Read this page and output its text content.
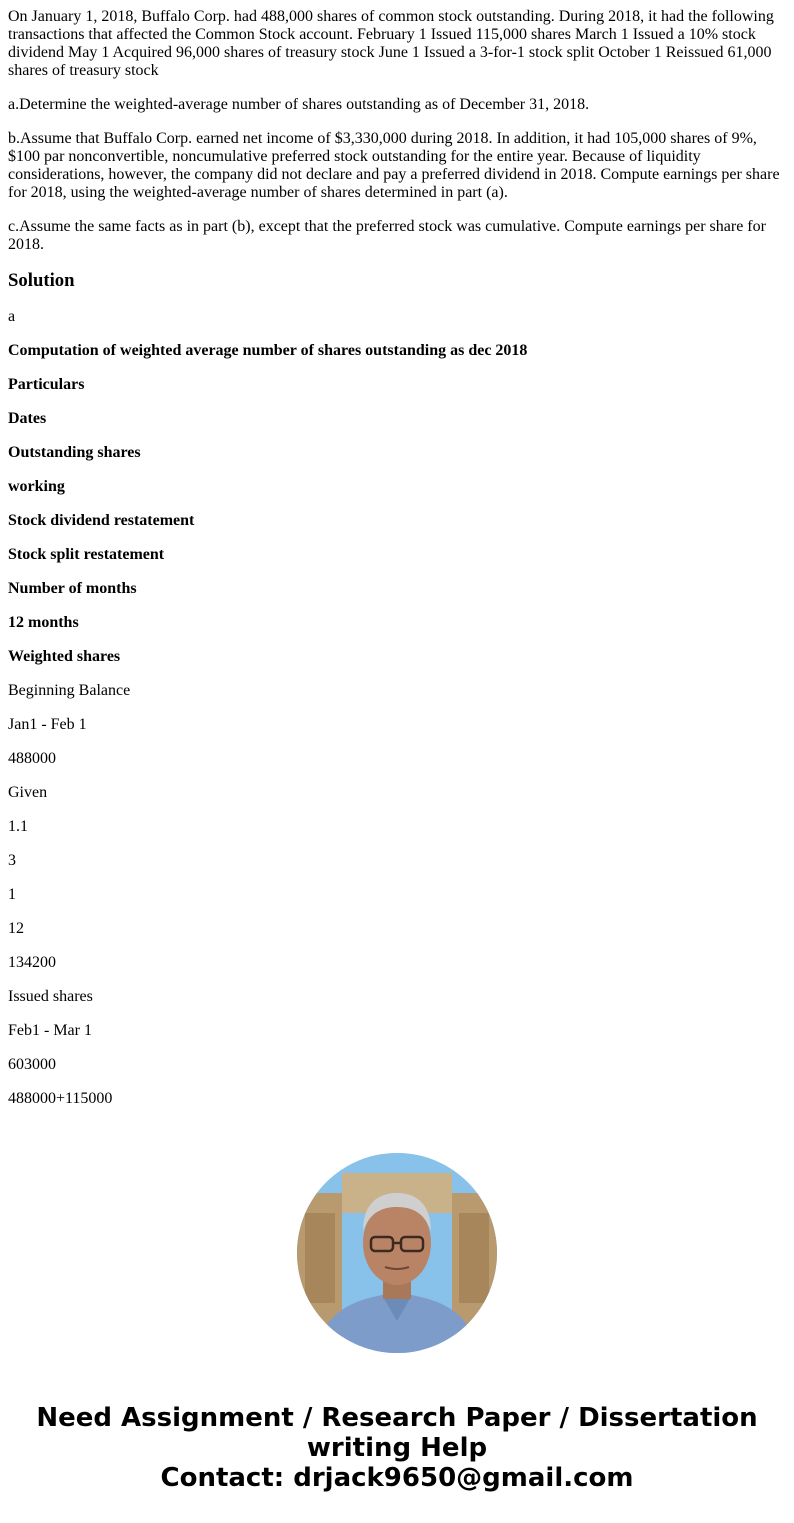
On January 1, 2018, Buffalo Corp. had 488,000 shares of common stock outstanding. During 2018, it had the following transactions that affected the Common Stock account. February 1 Issued 115,000 shares March 1 Issued a 10% stock dividend May 1 Acquired 96,000 shares of treasury stock June 1 Issued a 3-for-1 stock split October 1 Reissued 61,000 shares of treasury stock

a.Determine the weighted-average number of shares outstanding as of December 31, 2018.

b.Assume that Buffalo Corp. earned net income of $3,330,000 during 2018. In addition, it had 105,000 shares of 9%, $100 par nonconvertible, noncumulative preferred stock outstanding for the entire year. Because of liquidity considerations, however, the company did not declare and pay a preferred dividend in 2018. Compute earnings per share for 2018, using the weighted-average number of shares determined in part (a).

c.Assume the same facts as in part (b), except that the preferred stock was cumulative. Compute earnings per share for 2018.

Solution
a
Computation of weighted average number of shares outstanding as dec 2018
Particulars
Dates
Outstanding shares
working
Stock dividend restatement
Stock split restatement
Number of months
12 months
Weighted shares
Beginning Balance
Jan1 - Feb 1
488000
Given
1.1
3
1
12
134200
Issued shares
Feb1 - Mar 1
603000
488000+115000
Need Assignment / Research Paper / Dissertation
writing Help
Contact: drjack9650@gmail.com
